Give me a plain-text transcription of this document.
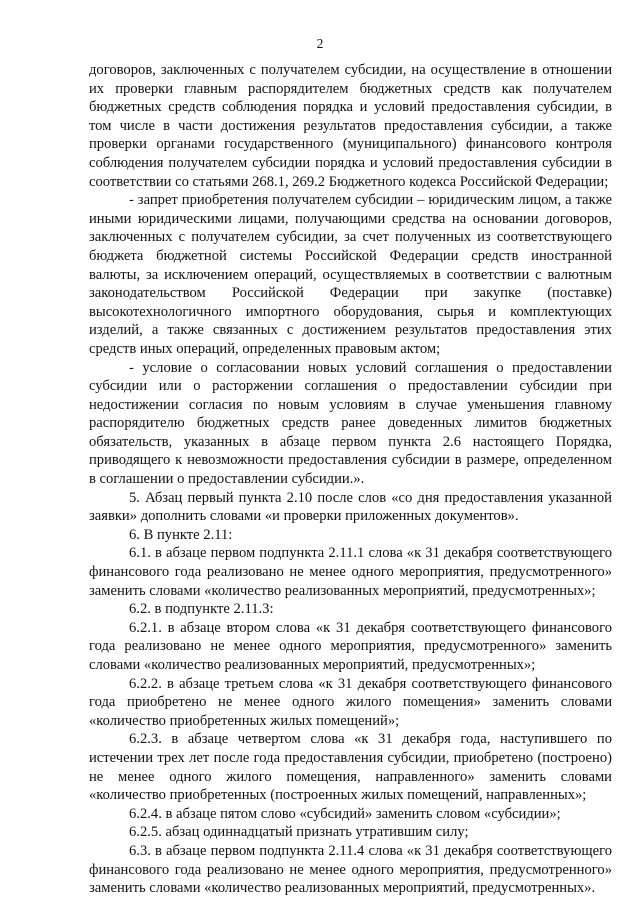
2

договоров, заключенных с получателем субсидии, на осуществление в отношении их проверки главным распорядителем бюджетных средств как получателем бюджетных средств соблюдения порядка и условий предоставления субсидии, в том числе в части достижения результатов предоставления субсидии, а также проверки органами государственного (муниципального) финансового контроля соблюдения получателем субсидии порядка и условий предоставления субсидии в соответствии со статьями 268.1, 269.2 Бюджетного кодекса Российской Федерации;

- запрет приобретения получателем субсидии – юридическим лицом, а также иными юридическими лицами, получающими средства на основании договоров, заключенных с получателем субсидии, за счет полученных из соответствующего бюджета бюджетной системы Российской Федерации средств иностранной валюты, за исключением операций, осуществляемых в соответствии с валютным законодательством Российской Федерации при закупке (поставке) высокотехнологичного импортного оборудования, сырья и комплектующих изделий, а также связанных с достижением результатов предоставления этих средств иных операций, определенных правовым актом;

- условие о согласовании новых условий соглашения о предоставлении субсидии или о расторжении соглашения о предоставлении субсидии при недостижении согласия по новым условиям в случае уменьшения главному распорядителю бюджетных средств ранее доведенных лимитов бюджетных обязательств, указанных в абзаце первом пункта 2.6 настоящего Порядка, приводящего к невозможности предоставления субсидии в размере, определенном в соглашении о предоставлении субсидии.».

5. Абзац первый пункта 2.10 после слов «со дня предоставления указанной заявки» дополнить словами «и проверки приложенных документов».

6. В пункте 2.11:

6.1. в абзаце первом подпункта 2.11.1 слова «к 31 декабря соответствующего финансового года реализовано не менее одного мероприятия, предусмотренного» заменить словами «количество реализованных мероприятий, предусмотренных»;

6.2. в подпункте 2.11.3:

6.2.1. в абзаце втором слова «к 31 декабря соответствующего финансового года реализовано не менее одного мероприятия, предусмотренного» заменить словами «количество реализованных мероприятий, предусмотренных»;

6.2.2. в абзаце третьем слова «к 31 декабря соответствующего финансового года приобретено не менее одного жилого помещения» заменить словами «количество приобретенных жилых помещений»;

6.2.3. в абзаце четвертом слова «к 31 декабря года, наступившего по истечении трех лет после года предоставления субсидии, приобретено (построено) не менее одного жилого помещения, направленного» заменить словами «количество приобретенных (построенных жилых помещений, направленных»;

6.2.4. в абзаце пятом слово «субсидий» заменить словом «субсидии»;

6.2.5. абзац одиннадцатый признать утратившим силу;

6.3. в абзаце первом подпункта 2.11.4 слова «к 31 декабря соответствующего финансового года реализовано не менее одного мероприятия, предусмотренного» заменить словами «количество реализованных мероприятий, предусмотренных».
